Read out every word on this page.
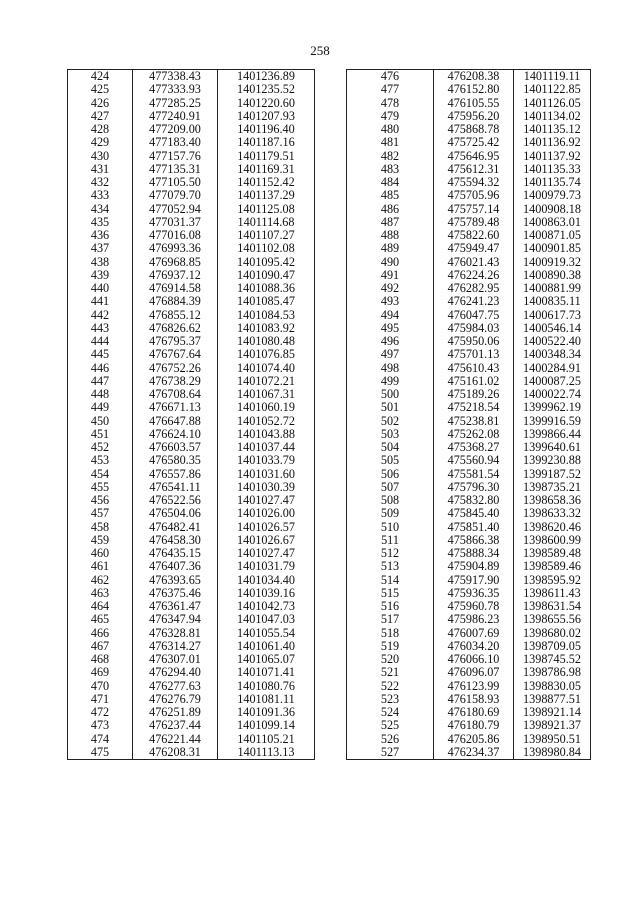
258
424	477338.43	1401236.89
425	477333.93	1401235.52
426	477285.25	1401220.60
427	477240.91	1401207.93
428	477209.00	1401196.40
429	477183.40	1401187.16
430	477157.76	1401179.51
431	477135.31	1401169.31
432	477105.50	1401152.42
433	477079.70	1401137.29
434	477052.94	1401125.08
435	477031.37	1401114.68
436	477016.08	1401107.27
437	476993.36	1401102.08
438	476968.85	1401095.42
439	476937.12	1401090.47
440	476914.58	1401088.36
441	476884.39	1401085.47
442	476855.12	1401084.53
443	476826.62	1401083.92
444	476795.37	1401080.48
445	476767.64	1401076.85
446	476752.26	1401074.40
447	476738.29	1401072.21
448	476708.64	1401067.31
449	476671.13	1401060.19
450	476647.88	1401052.72
451	476624.10	1401043.88
452	476603.57	1401037.44
453	476580.35	1401033.79
454	476557.86	1401031.60
455	476541.11	1401030.39
456	476522.56	1401027.47
457	476504.06	1401026.00
458	476482.41	1401026.57
459	476458.30	1401026.67
460	476435.15	1401027.47
461	476407.36	1401031.79
462	476393.65	1401034.40
463	476375.46	1401039.16
464	476361.47	1401042.73
465	476347.94	1401047.03
466	476328.81	1401055.54
467	476314.27	1401061.40
468	476307.01	1401065.07
469	476294.40	1401071.41
470	476277.63	1401080.76
471	476276.79	1401081.11
472	476251.89	1401091.36
473	476237.44	1401099.14
474	476221.44	1401105.21
475	476208.31	1401113.13
476	476208.38	1401119.11
477	476152.80	1401122.85
478	476105.55	1401126.05
479	475956.20	1401134.02
480	475868.78	1401135.12
481	475725.42	1401136.92
482	475646.95	1401137.92
483	475612.31	1401135.33
484	475594.32	1401135.74
485	475705.96	1400979.73
486	475757.14	1400908.18
487	475789.48	1400863.01
488	475822.60	1400871.05
489	475949.47	1400901.85
490	476021.43	1400919.32
491	476224.26	1400890.38
492	476282.95	1400881.99
493	476241.23	1400835.11
494	476047.75	1400617.73
495	475984.03	1400546.14
496	475950.06	1400522.40
497	475701.13	1400348.34
498	475610.43	1400284.91
499	475161.02	1400087.25
500	475189.26	1400022.74
501	475218.54	1399962.19
502	475238.81	1399916.59
503	475262.08	1399866.44
504	475368.27	1399640.61
505	475560.94	1399230.88
506	475581.54	1399187.52
507	475796.30	1398735.21
508	475832.80	1398658.36
509	475845.40	1398633.32
510	475851.40	1398620.46
511	475866.38	1398600.99
512	475888.34	1398589.48
513	475904.89	1398589.46
514	475917.90	1398595.92
515	475936.35	1398611.43
516	475960.78	1398631.54
517	475986.23	1398655.56
518	476007.69	1398680.02
519	476034.20	1398709.05
520	476066.10	1398745.52
521	476096.07	1398786.98
522	476123.99	1398830.05
523	476158.93	1398877.51
524	476180.69	1398921.14
525	476180.79	1398921.37
526	476205.86	1398950.51
527	476234.37	1398980.84
